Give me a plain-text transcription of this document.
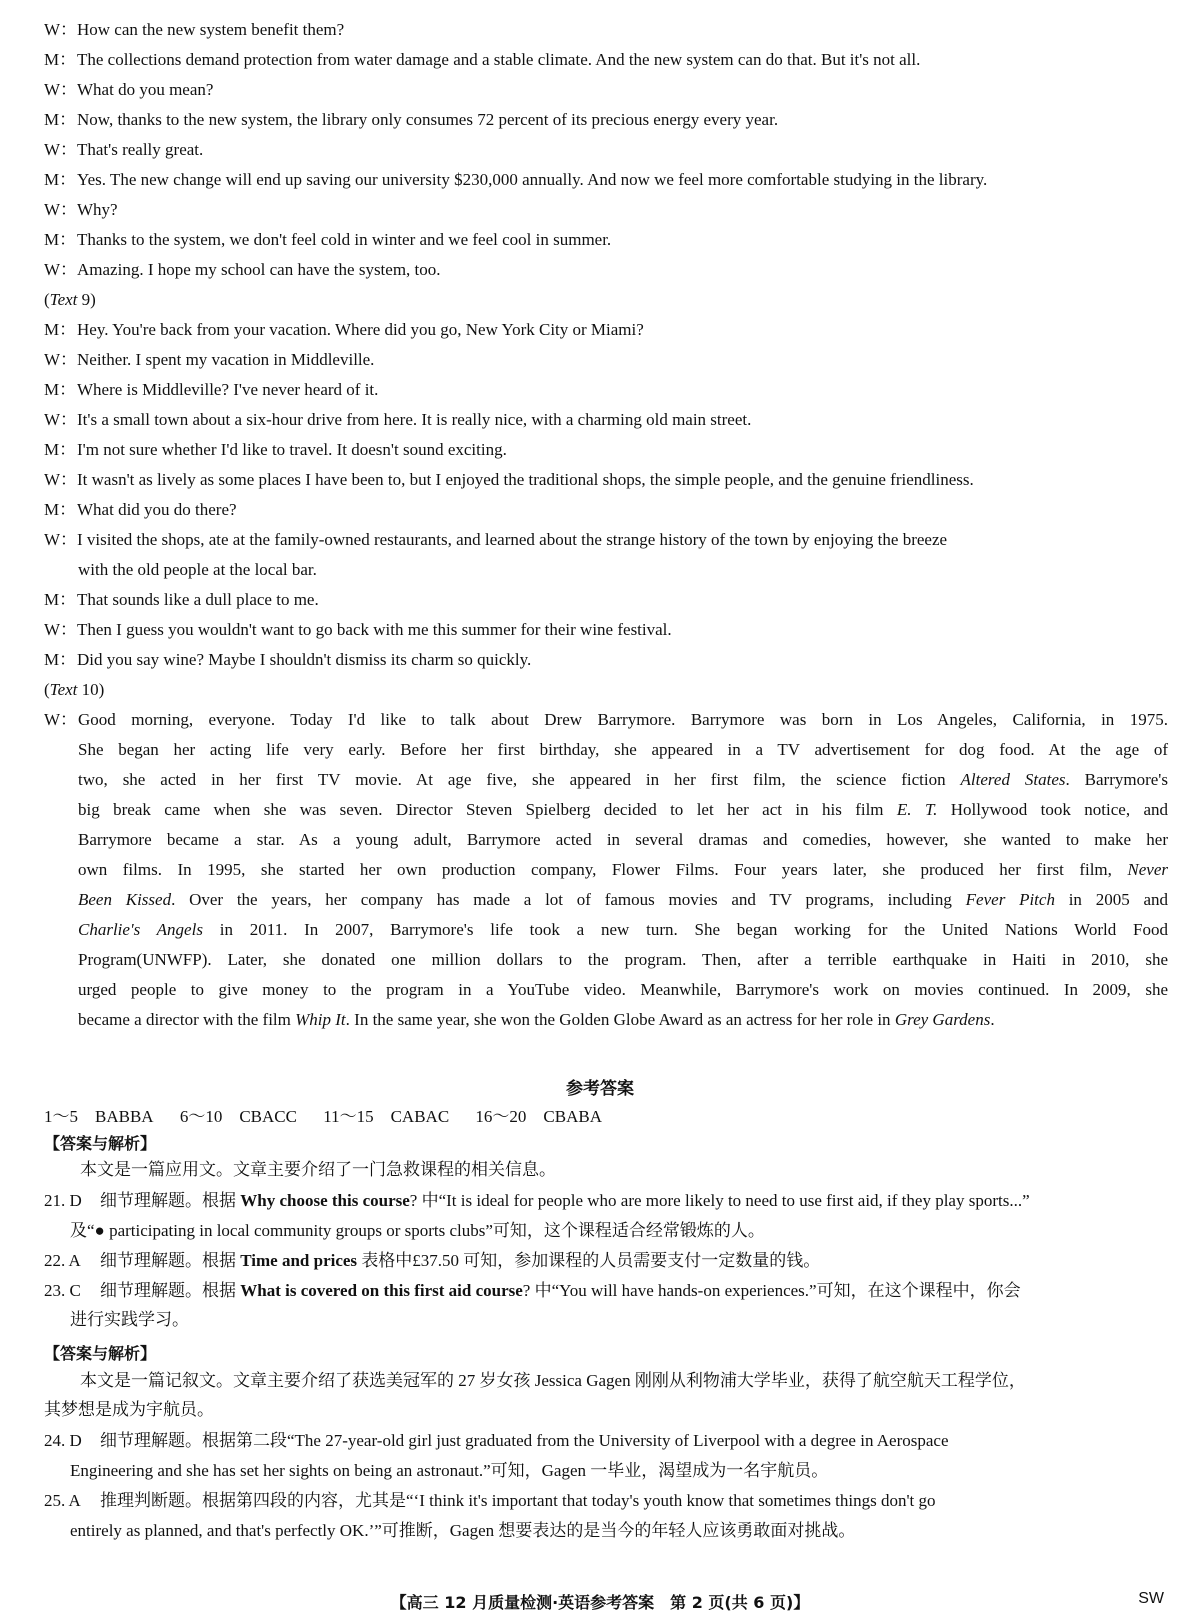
W：How can the new system benefit them?
M：The collections demand protection from water damage and a stable climate. And the new system can do that. But it's not all.
W：What do you mean?
M：Now, thanks to the new system, the library only consumes 72 percent of its precious energy every year.
W：That's really great.
M：Yes. The new change will end up saving our university $230,000 annually. And now we feel more comfortable studying in the library.
W：Why?
M：Thanks to the system, we don't feel cold in winter and we feel cool in summer.
W：Amazing. I hope my school can have the system, too.
(Text 9)
M：Hey. You're back from your vacation. Where did you go, New York City or Miami?
W：Neither. I spent my vacation in Middleville.
M：Where is Middleville? I've never heard of it.
W：It's a small town about a six-hour drive from here. It is really nice, with a charming old main street.
M：I'm not sure whether I'd like to travel. It doesn't sound exciting.
W：It wasn't as lively as some places I have been to, but I enjoyed the traditional shops, the simple people, and the genuine friendliness.
M：What did you do there?
W：I visited the shops, ate at the family-owned restaurants, and learned about the strange history of the town by enjoying the breeze
with the old people at the local bar.
M：That sounds like a dull place to me.
W：Then I guess you wouldn't want to go back with me this summer for their wine festival.
M：Did you say wine? Maybe I shouldn't dismiss its charm so quickly.
(Text 10)
W： Good morning, everyone. Today I'd like to talk about Drew Barrymore. Barrymore was born in Los Angeles, California, in 1975.
She began her acting life very early. Before her first birthday, she appeared in a TV advertisement for dog food. At the age of
two, she acted in her first TV movie. At age five, she appeared in her first film, the science fiction Altered States. Barrymore's
big break came when she was seven. Director Steven Spielberg decided to let her act in his film E. T. Hollywood took notice, and
Barrymore became a star. As a young adult, Barrymore acted in several dramas and comedies, however, she wanted to make her
own films. In 1995, she started her own production company, Flower Films. Four years later, she produced her first film, Never
Been Kissed. Over the years, her company has made a lot of famous movies and TV programs, including Fever Pitch in 2005 and
Charlie's Angels in 2011. In 2007, Barrymore's life took a new turn. She began working for the United Nations World Food
Program(UNWFP). Later, she donated one million dollars to the program. Then, after a terrible earthquake in Haiti in 2010, she
urged people to give money to the program in a YouTube video. Meanwhile, Barrymore's work on movies continued. In 2009, she
became a director with the film Whip It. In the same year, she won the Golden Globe Award as an actress for her role in Grey Gardens.
参考答案
1～5　BABBA 6～10　CBACC 11～15　CABAC 16～20　CBABA
【答案与解析】
本文是一篇应用文。文章主要介绍了一门急救课程的相关信息。
21. D 细节理解题。根据 Why choose this course? 中“It is ideal for people who are more likely to need to use first aid, if they play sports...”
及“● participating in local community groups or sports clubs”可知，这个课程适合经常锻炼的人。
22. A 细节理解题。根据 Time and prices 表格中£37.50 可知，参加课程的人员需要支付一定数量的钱。
23. C 细节理解题。根据 What is covered on this first aid course? 中“You will have hands-on experiences.”可知，在这个课程中，你会
进行实践学习。
【答案与解析】
本文是一篇记叙文。文章主要介绍了获选美冠军的 27 岁女孩 Jessica Gagen 刚刚从利物浦大学毕业，获得了航空航天工程学位，
其梦想是成为宇航员。
24. D 细节理解题。根据第二段“The 27-year-old girl just graduated from the University of Liverpool with a degree in Aerospace
Engineering and she has set her sights on being an astronaut.”可知，Gagen 一毕业，渴望成为一名宇航员。
25. A 推理判断题。根据第四段的内容，尤其是“‘I think it's important that today's youth know that sometimes things don't go
entirely as planned, and that's perfectly OK.’”可推断，Gagen 想要表达的是当今的年轻人应该勇敢面对挑战。
【高三 12 月质量检测·英语参考答案　第 2 页(共 6 页)】	SW
